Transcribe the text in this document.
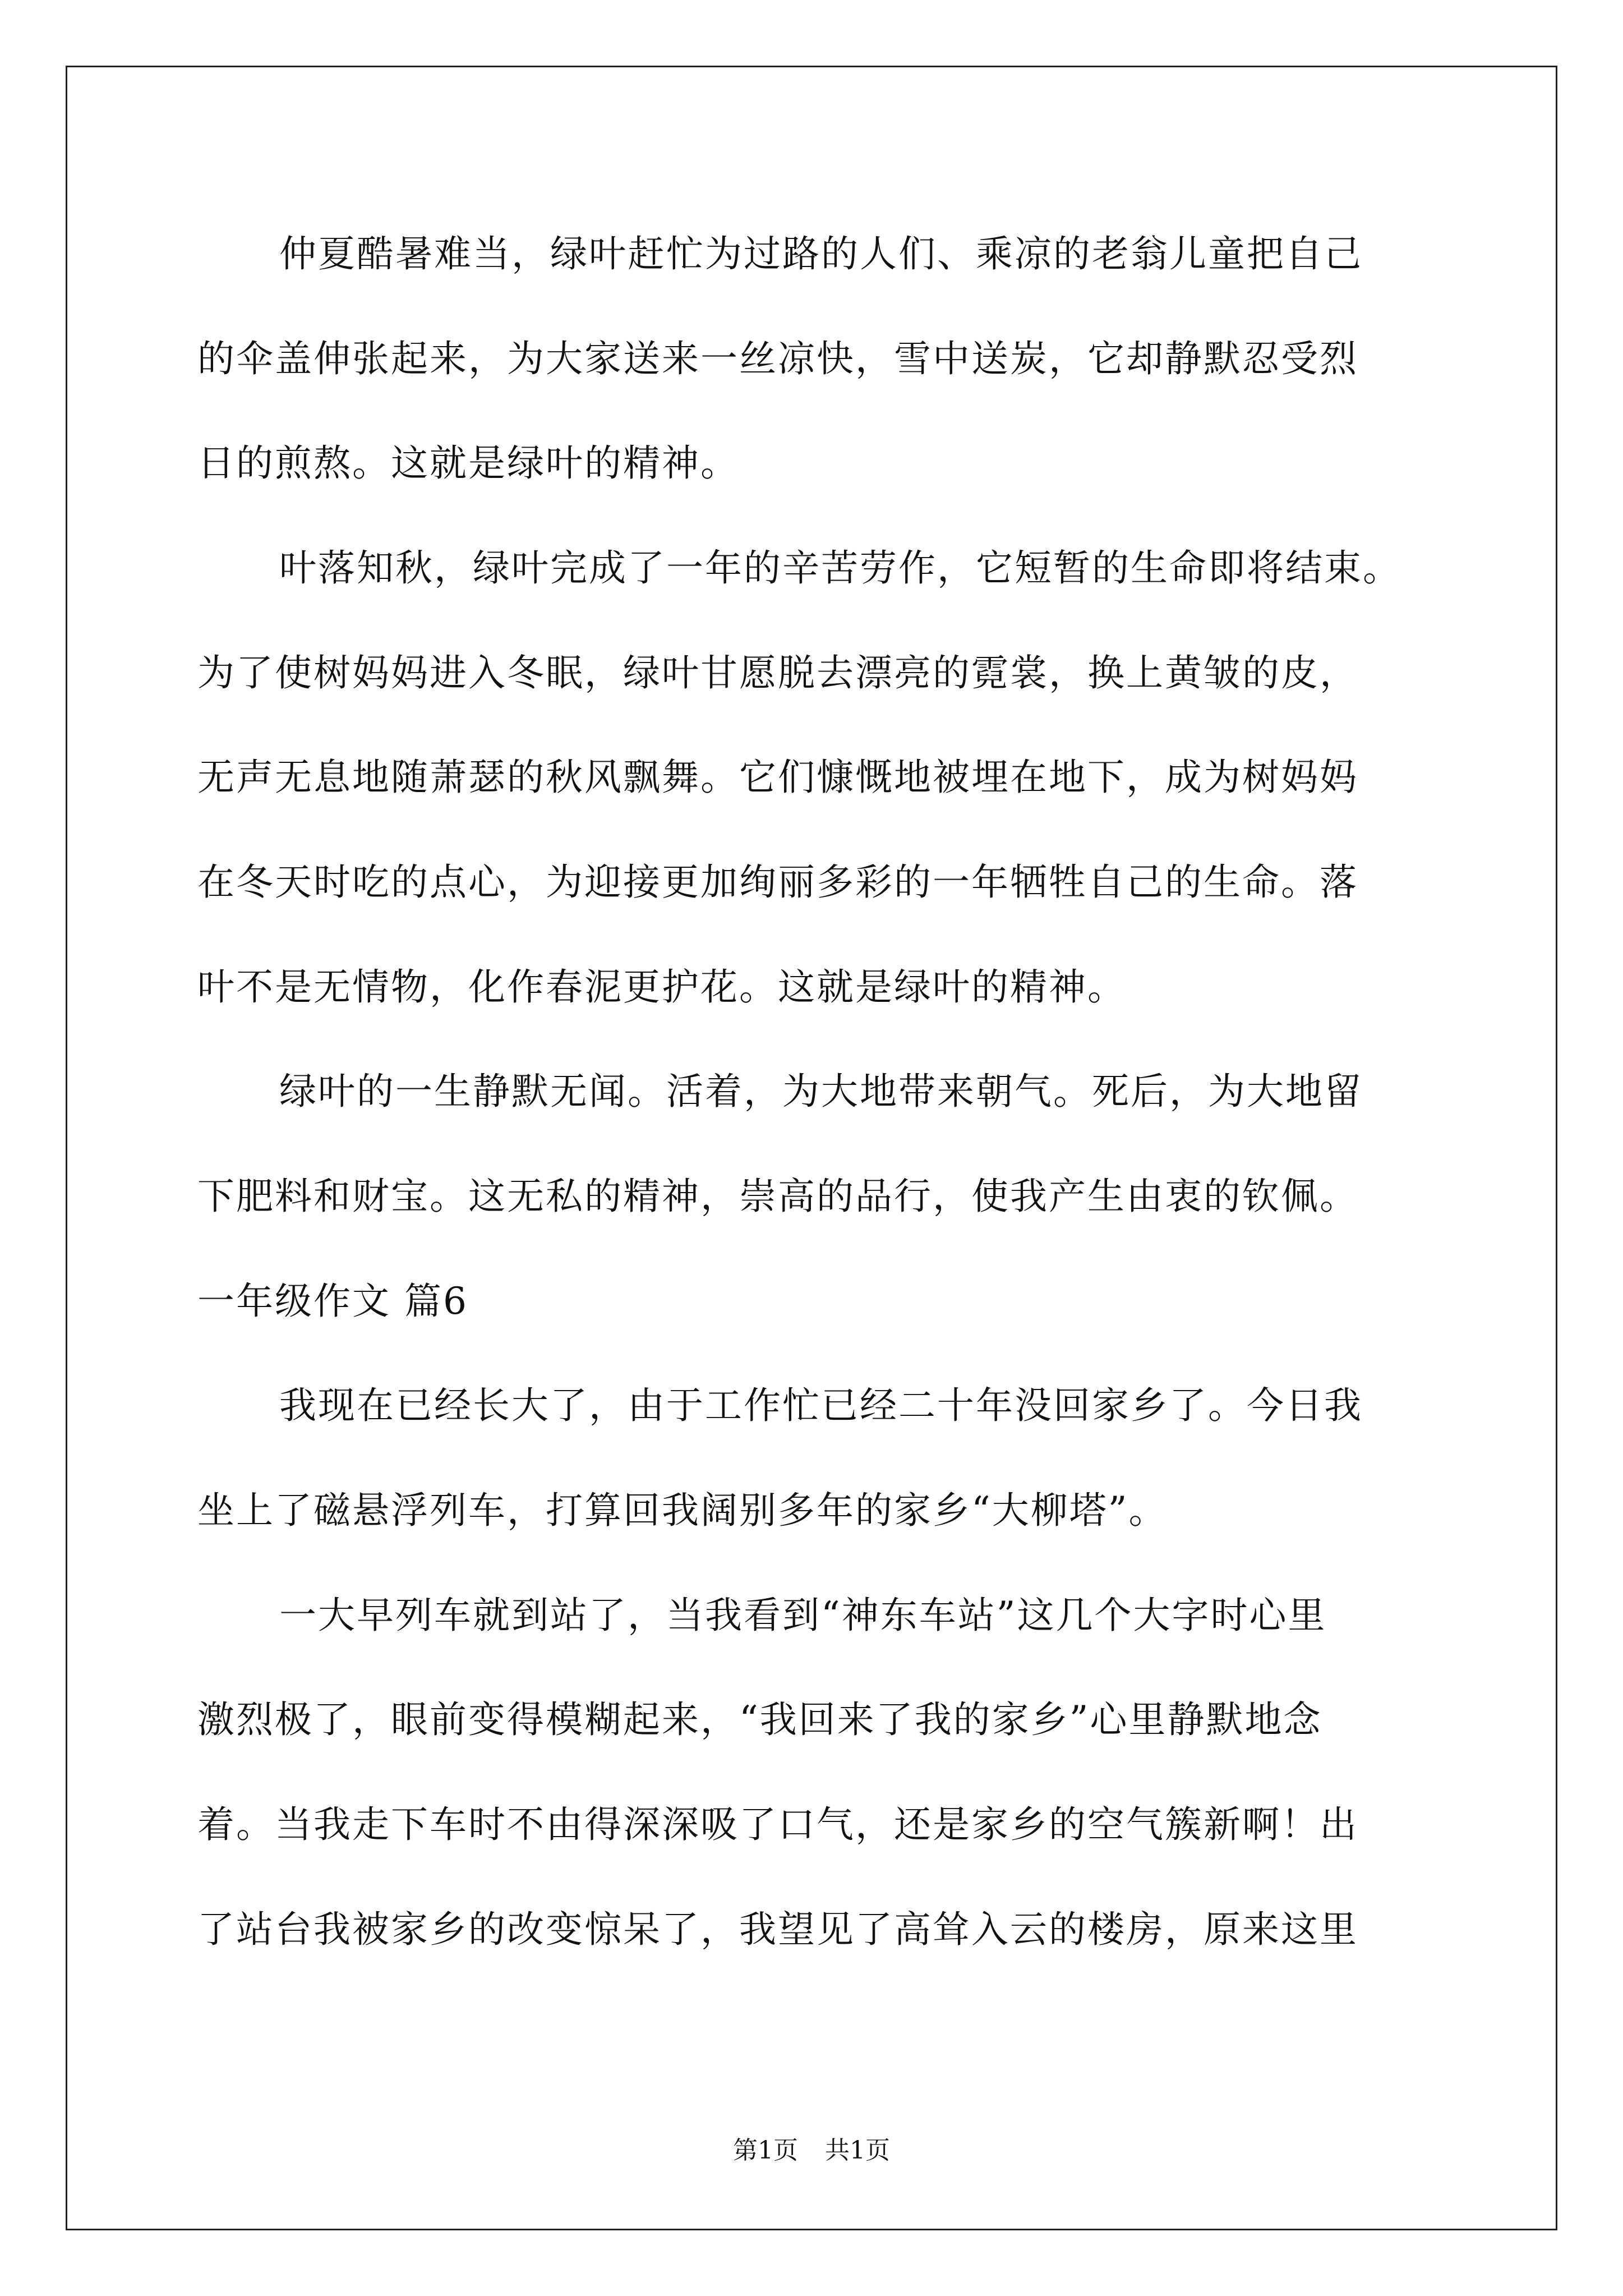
仲夏酷暑难当，绿叶赶忙为过路的人们、乘凉的老翁儿童把自己
的伞盖伸张起来，为大家送来一丝凉快，雪中送炭，它却静默忍受烈
日的煎熬。这就是绿叶的精神。
叶落知秋，绿叶完成了一年的辛苦劳作，它短暂的生命即将结束。
为了使树妈妈进入冬眠，绿叶甘愿脱去漂亮的霓裳，换上黄皱的皮，
无声无息地随萧瑟的秋风飘舞。它们慷慨地被埋在地下，成为树妈妈
在冬天时吃的点心，为迎接更加绚丽多彩的一年牺牲自己的生命。落
叶不是无情物，化作春泥更护花。这就是绿叶的精神。
绿叶的一生静默无闻。活着，为大地带来朝气。死后，为大地留
下肥料和财宝。这无私的精神，崇高的品行，使我产生由衷的钦佩。
一年级作文 篇6
我现在已经长大了，由于工作忙已经二十年没回家乡了。今日我
坐上了磁悬浮列车，打算回我阔别多年的家乡“大柳塔”。
一大早列车就到站了，当我看到“神东车站”这几个大字时心里
激烈极了，眼前变得模糊起来，“我回来了我的家乡”心里静默地念
着。当我走下车时不由得深深吸了口气，还是家乡的空气簇新啊！出
了站台我被家乡的改变惊呆了，我望见了高耸入云的楼房，原来这里
第1页 共1页
